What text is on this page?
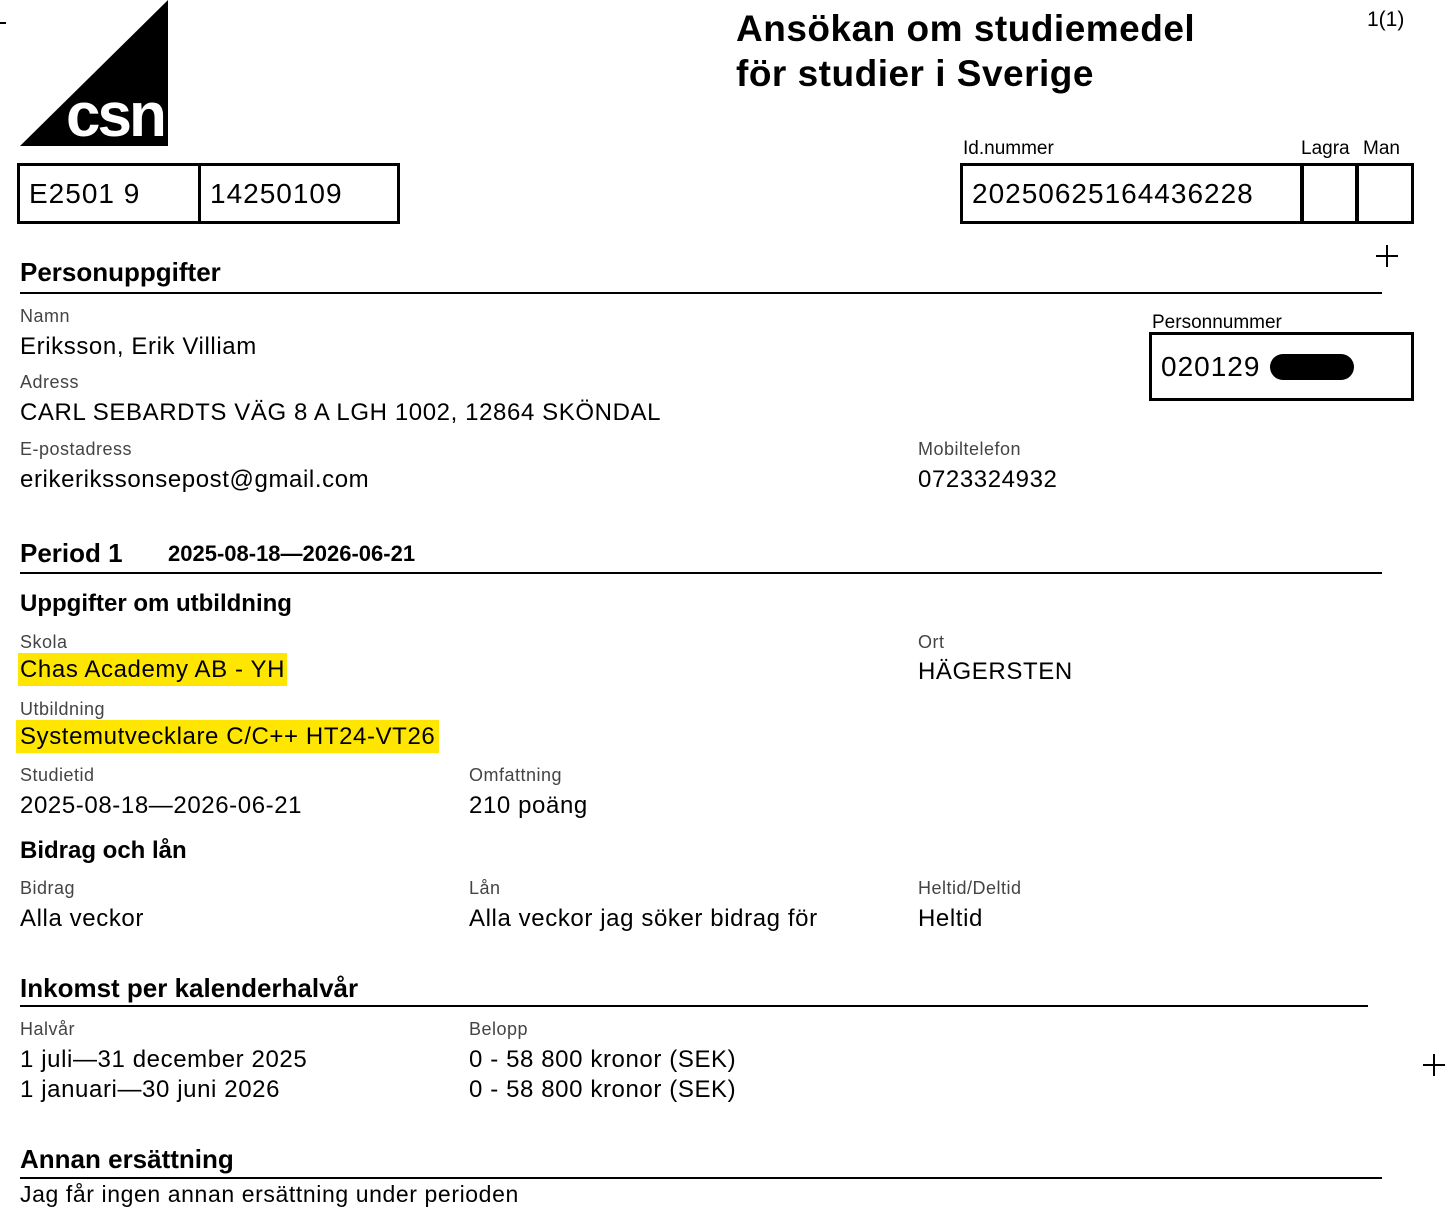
csn
Ansökan om studiemedel
för studier i Sverige
1(1)
E2501 9 14250109
Id.nummer	Lagra Man
20250625164436228
Personuppgifter
Namn
Eriksson, Erik Villiam
Adress
CARL SEBARDTS VÄG 8 A LGH 1002, 12864 SKÖNDAL
E-postadress
erikerikssonsepost@gmail.com
Mobiltelefon
0723324932
Personnummer
020129
Period 1 2025-08-18—2026-06-21
Uppgifter om utbildning
Skola
Chas Academy AB - YH
Ort
HÄGERSTEN
Utbildning
Systemutvecklare C/C++ HT24-VT26
Studietid
2025-08-18—2026-06-21
Omfattning
210 poäng
Bidrag och lån
Bidrag
Alla veckor
Lån
Alla veckor jag söker bidrag för
Heltid/Deltid
Heltid
Inkomst per kalenderhalvår
Halvår	Belopp
1 juli—31 december 2025	0 - 58 800 kronor (SEK)
1 januari—30 juni 2026	0 - 58 800 kronor (SEK)
Annan ersättning
Jag får ingen annan ersättning under perioden
